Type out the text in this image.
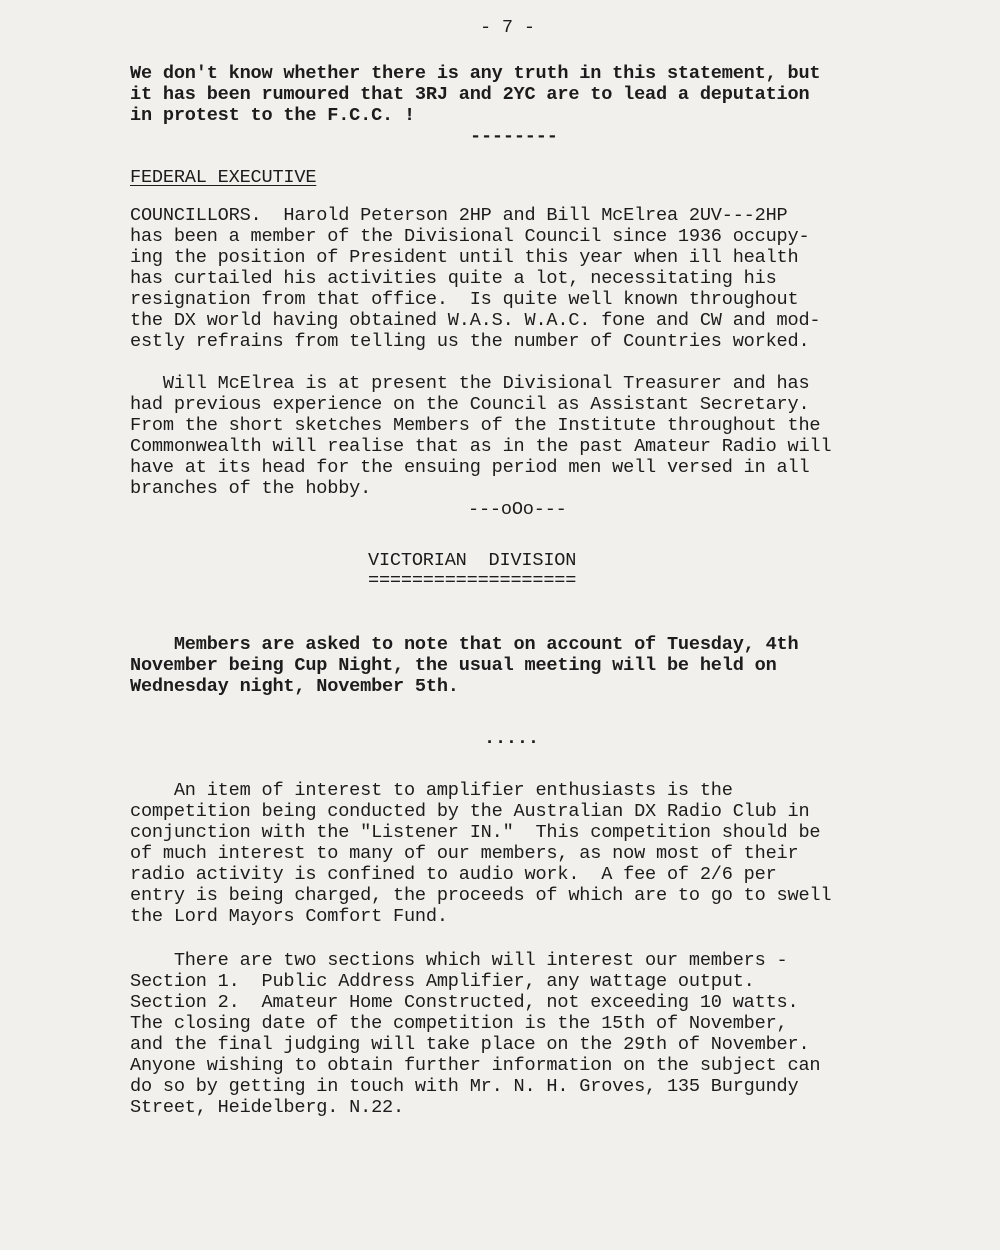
- 7 -
We don't know whether there is any truth in this statement, but
it has been rumoured that 3RJ and 2YC are to lead a deputation
in protest to the F.C.C. !
--------
FEDERAL EXECUTIVE
COUNCILLORS.  Harold Peterson 2HP and Bill McElrea 2UV---2HP
has been a member of the Divisional Council since 1936 occupy-
ing the position of President until this year when ill health
has curtailed his activities quite a lot, necessitating his
resignation from that office.  Is quite well known throughout
the DX world having obtained W.A.S. W.A.C. fone and CW and mod-
estly refrains from telling us the number of Countries worked.
Will McElrea is at present the Divisional Treasurer and has
had previous experience on the Council as Assistant Secretary.
From the short sketches Members of the Institute throughout the
Commonwealth will realise that as in the past Amateur Radio will
have at its head for the ensuing period men well versed in all
branches of the hobby.
---oOo---
VICTORIAN  DIVISION
===================
Members are asked to note that on account of Tuesday, 4th
November being Cup Night, the usual meeting will be held on
Wednesday night, November 5th.
.....
An item of interest to amplifier enthusiasts is the
competition being conducted by the Australian DX Radio Club in
conjunction with the "Listener IN."  This competition should be
of much interest to many of our members, as now most of their
radio activity is confined to audio work.  A fee of 2/6 per
entry is being charged, the proceeds of which are to go to swell
the Lord Mayors Comfort Fund.
There are two sections which will interest our members -
Section 1.  Public Address Amplifier, any wattage output.
Section 2.  Amateur Home Constructed, not exceeding 10 watts.
The closing date of the competition is the 15th of November,
and the final judging will take place on the 29th of November.
Anyone wishing to obtain further information on the subject can
do so by getting in touch with Mr. N. H. Groves, 135 Burgundy
Street, Heidelberg. N.22.
